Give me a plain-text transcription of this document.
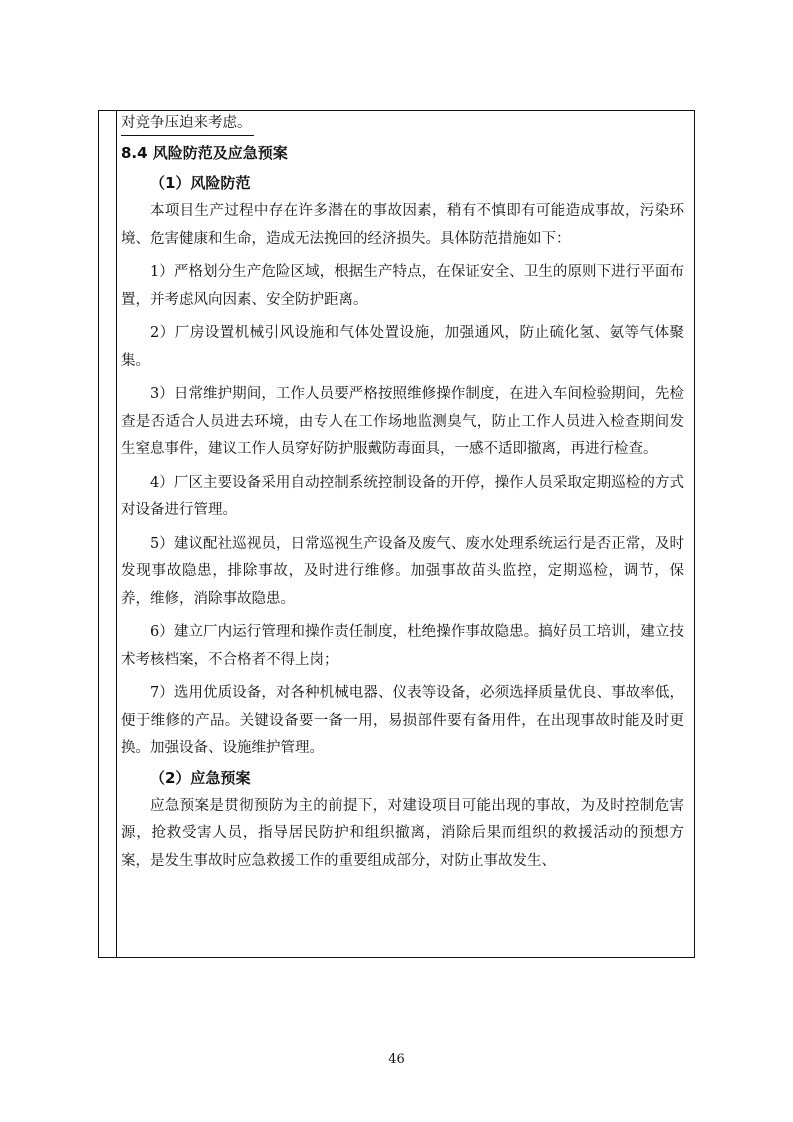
对竞争压迫来考虑。
8.4 风险防范及应急预案
（1）风险防范

本项目生产过程中存在许多潜在的事故因素，稍有不慎即有可能造成事故，污染环境、危害健康和生命，造成无法挽回的经济损失。具体防范措施如下：

1）严格划分生产危险区域，根据生产特点，在保证安全、卫生的原则下进行平面布置，并考虑风向因素、安全防护距离。

2）厂房设置机械引风设施和气体处置设施，加强通风，防止硫化氢、氨等气体聚集。

3）日常维护期间，工作人员要严格按照维修操作制度，在进入车间检验期间，先检查是否适合人员进去环境，由专人在工作场地监测臭气，防止工作人员进入检查期间发生窒息事件，建议工作人员穿好防护服戴防毒面具，一感不适即撤离，再进行检查。

4）厂区主要设备采用自动控制系统控制设备的开停，操作人员采取定期巡检的方式对设备进行管理。

5）建议配社巡视员，日常巡视生产设备及废气、废水处理系统运行是否正常，及时发现事故隐患，排除事故，及时进行维修。加强事故苗头监控，定期巡检，调节，保养，维修，消除事故隐患。

6）建立厂内运行管理和操作责任制度，杜绝操作事故隐患。搞好员工培训，建立技术考核档案，不合格者不得上岗；

7）选用优质设备，对各种机械电器、仪表等设备，必须选择质量优良、事故率低，便于维修的产品。关键设备要一备一用，易损部件要有备用件，在出现事故时能及时更换。加强设备、设施维护管理。

（2）应急预案

应急预案是贯彻预防为主的前提下，对建设项目可能出现的事故，为及时控制危害源，抢救受害人员，指导居民防护和组织撤离，消除后果而组织的救援活动的预想方案，是发生事故时应急救援工作的重要组成部分，对防止事故发生、

46
